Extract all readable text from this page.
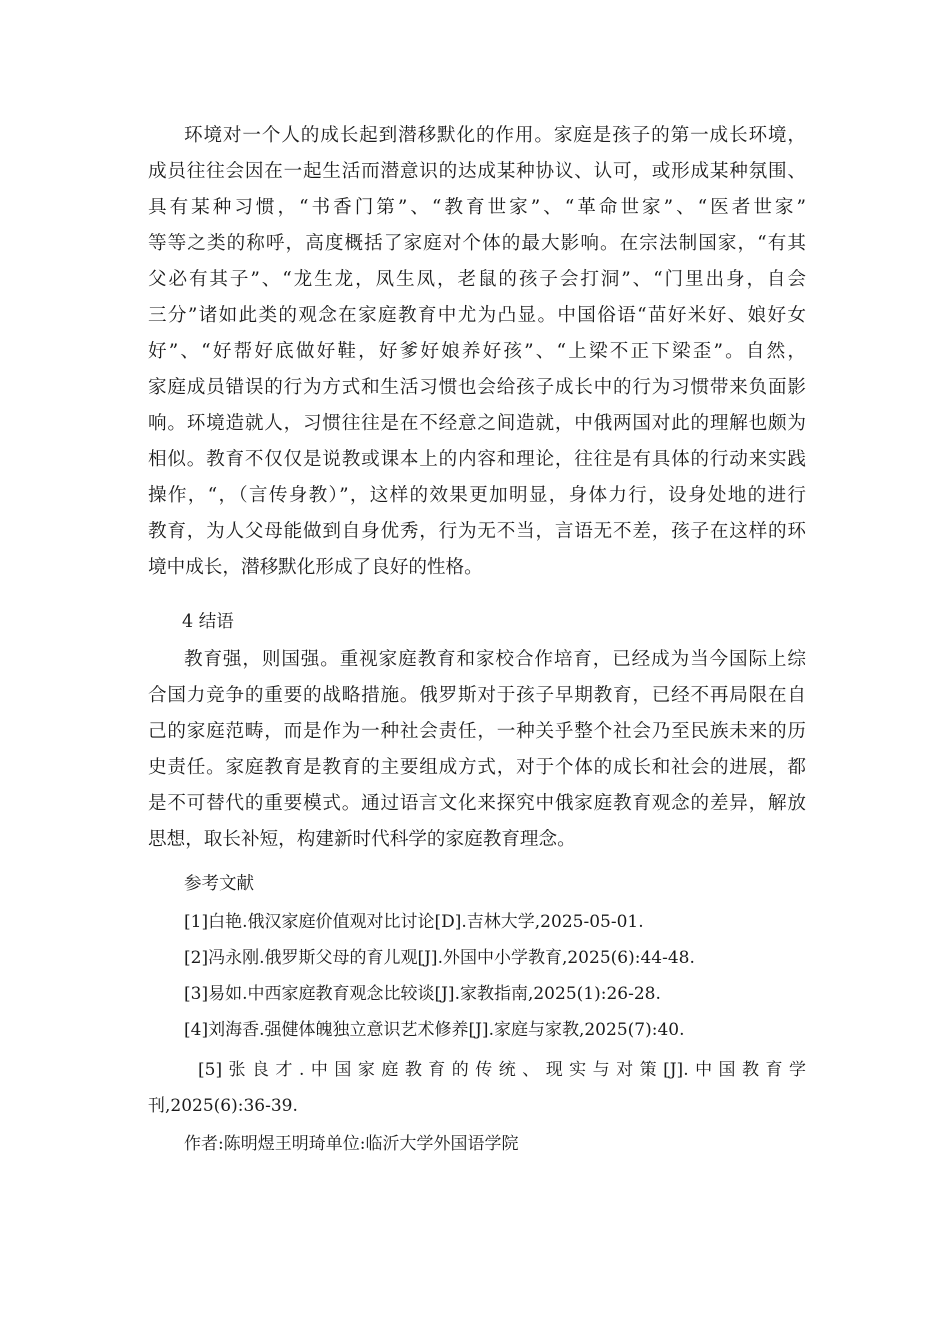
环境对一个人的成长起到潜移默化的作用。家庭是孩子的第一成长环境，
成员往往会因在一起生活而潜意识的达成某种协议、认可，或形成某种氛围、
具有某种习惯，“书香门第”、“教育世家”、“革命世家”、“医者世家”
等等之类的称呼，高度概括了家庭对个体的最大影响。在宗法制国家，“有其
父必有其子”、“龙生龙，凤生凤，老鼠的孩子会打洞”、“门里出身，自会
三分”诸如此类的观念在家庭教育中尤为凸显。中国俗语“苗好米好、娘好女
好”、“好帮好底做好鞋，好爹好娘养好孩”、“上梁不正下梁歪”。自然，
家庭成员错误的行为方式和生活习惯也会给孩子成长中的行为习惯带来负面影
响。环境造就人，习惯往往是在不经意之间造就，中俄两国对此的理解也颇为
相似。教育不仅仅是说教或课本上的内容和理论，往往是有具体的行动来实践
操作，“，（言传身教）”，这样的效果更加明显，身体力行，设身处地的进行
教育，为人父母能做到自身优秀，行为无不当，言语无不差，孩子在这样的环
境中成长，潜移默化形成了良好的性格。
4 结语
教育强，则国强。重视家庭教育和家校合作培育，已经成为当今国际上综
合国力竞争的重要的战略措施。俄罗斯对于孩子早期教育，已经不再局限在自
己的家庭范畴，而是作为一种社会责任，一种关乎整个社会乃至民族未来的历
史责任。家庭教育是教育的主要组成方式，对于个体的成长和社会的进展，都
是不可替代的重要模式。通过语言文化来探究中俄家庭教育观念的差异，解放
思想，取长补短，构建新时代科学的家庭教育理念。
参考文献
[1]白艳.俄汉家庭价值观对比讨论[D].吉林大学,2025-05-01.
[2]冯永刚.俄罗斯父母的育儿观[J].外国中小学教育,2025(6):44-48.
[3]易如.中西家庭教育观念比较谈[J].家教指南,2025(1):26-28.
[4]刘海香.强健体魄独立意识艺术修养[J].家庭与家教,2025(7):40.
[5]张良才.中国家庭教育的传统、现实与对策[J].中国教育学
刊,2025(6):36-39.
作者:陈明煜王明琦单位:临沂大学外国语学院
